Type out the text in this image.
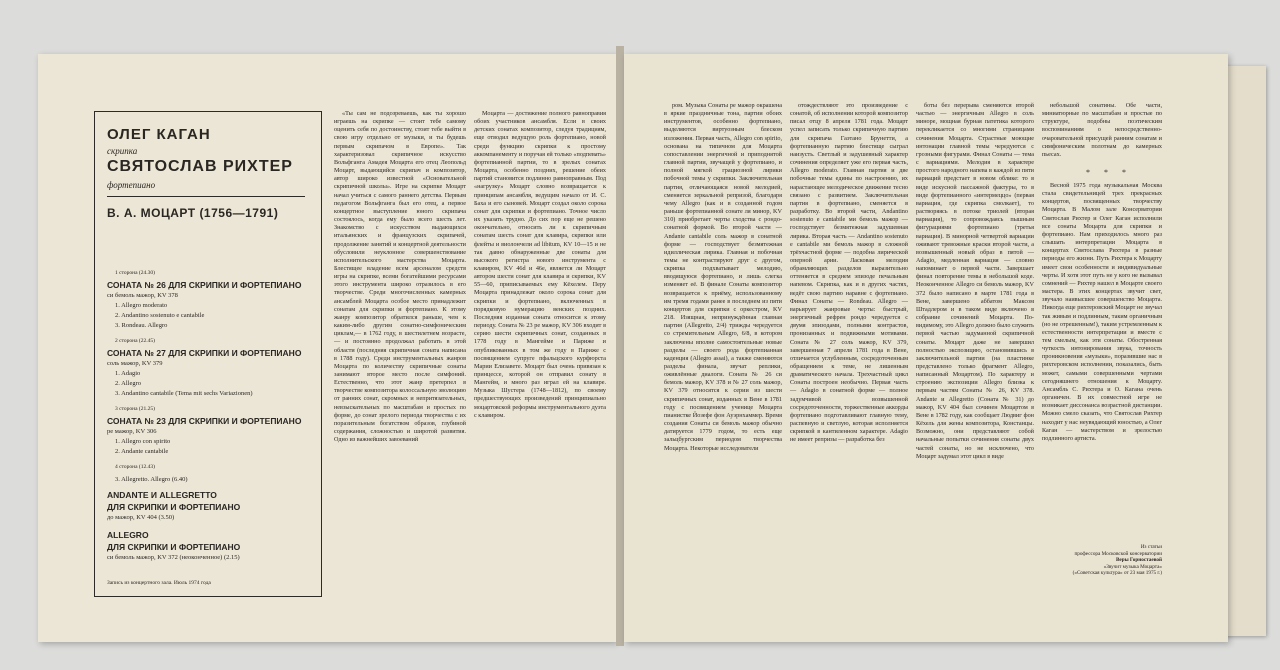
ОЛЕГ КАГАН
скрипка
СВЯТОСЛАВ РИХТЕР
фортепиано
В. А. МОЦАРТ (1756—1791)
1 сторона (24.30)
СОНАТА № 26 ДЛЯ СКРИПКИ И ФОРТЕПИАНО
си бемоль мажор, KV 378
1. Allegro moderato
2. Andantino sostenuto e cantabile
3. Rondeau. Allegro
2 сторона (22.45)
СОНАТА № 27 ДЛЯ СКРИПКИ И ФОРТЕПИАНО
соль мажор, KV 379
1. Adagio
2. Allegro
3. Andantino cantabile (Tema mit sechs Variazionen)
3 сторона (21.25)
СОНАТА № 23 ДЛЯ СКРИПКИ И ФОРТЕПИАНО
ре мажор, KV 306
1. Allegro con spirito
2. Andante cantabile
4 сторона (12.43)
3. Allegretto. Allegro (6.40)
ANDANTE И ALLEGRETTO
ДЛЯ СКРИПКИ И ФОРТЕПИАНО
до мажор, KV 404 (3.50)
ALLEGRO
ДЛЯ СКРИПКИ И ФОРТЕПИАНО
си бемоль мажор, KV 372 (неоконченное) (2.15)
Запись из концертного зала. Июль 1974 года

«Ты сам не подозреваешь, как ты хорошо играешь на скрипке — стоит тебе самому оценить себя по достоинству, стоит тебе выйти в свою игру отдельно от музыки, и ты будешь первым скрипачом в Европе». Так характеризовал скрипичное искусство Вольфганга Амадея Моцарта его отец Леопольд Моцарт, выдающийся скрипач и композитор, автор широко известной «Основательной скрипичной школы». Игре на скрипке Моцарт начал учиться с самого раннего детства. Первым педагогом Вольфганга был его отец, а первое концертное выступление юного скрипача состоялось, когда ему было всего шесть лет. Знакомство с искусством выдающихся итальянских и французских скрипачей, продолжение занятий и концертной деятельности обусловили неуклонное совершенствование исполнительского мастерства Моцарта. Блестящее владение всем арсеналом средств игры на скрипке, всеми богатейшими ресурсами этого инструмента широко отразилось в его творчестве. Среди многочисленных камерных ансамблей Моцарта особое место принадлежит сонатам для скрипки и фортепиано. К этому жанру композитор обратился раньше, чем к каким-либо другим сонатно-симфоническим циклам,— в 1762 году, в шестилетнем возрасте, — и постоянно продолжал работать в этой области (последняя скрипичная соната написана в 1788 году). Среди инструментальных жанров Моцарта по количеству скрипичные сонаты занимают второе место после симфоний. Естественно, что этот жанр претерпел в творчестве композитора колоссальную эволюцию от ранних сонат, скромных и непритязательных, невзыскательных по масштабам и простых по форме, до сонат зрелого периода творчества с их поразительным богатством образов, глубиной содержания, сложностью и широтой развития. Одно из важнейших завоеваний

Моцарта — достижение полного равноправия обоих участников ансамбля. Если в своих детских сонатах композитор, следуя традициям, еще отводил ведущую роль фортепиано, новой среди функцию скрипки к простому аккомпанементу и поручая ей только «подпевать» фортепианной партии, то в зрелых сонатах Моцарта, особенно поздних, решение обеих партий становится подлинно равноправным. Под «нагрузку» Моцарт словно возвращается к принципам ансамбля, ведущим начало от И. С. Баха и его сыновей. Моцарт создал около сорока сонат для скрипки и фортепиано. Точное число их указать трудно. До сих пор еще не решено окончательно, относить ли к скрипичным сонатам шесть сонат для клавира, скрипки или флейты и виолончели ad libitum, KV 10—15 и не так давно обнаруженные две сонаты для высокого регистра нового инструмента с клавиром, KV 46d и 46e, является ли Моцарт автором шести сонат для клавира и скрипки, KV 55—60, приписываемых ему Кёхелем. Перу Моцарта принадлежат около сорока сонат для скрипки и фортепиано, включенных в порядковую нумерацию венских поздних. Последняя изданная соната относится к этому периоду. Соната № 23 ре мажор, KV 306 входит в серию шести скрипичных сонат, созданных в 1778 году в Мангейме и Париже и опубликованных в том же году в Париже с посвящением супруге пфальцского курфюрста Марии Елизавете. Моцарт был очень привязан к принцессе, которой он отправил сонату в Мангейм, и много раз играл ей на клавире. Музыка Шустера (1748—1812), по своему предшествующих произведений принципиально моцартовской реформы инструментального дуэта с клавиром.

ром. Музыка Сонаты ре мажор окрашена в яркие праздничные тона, партии обоих инструментов, особенно фортепиано, выделяются виртуозным блеском изложения. Первая часть, Allegro con spirito, основана на типичном для Моцарта сопоставлении энергичной и приподнятой главной партии, звучащей у фортепиано, и полной мягкой грациозной лирики побочной темы у скрипки. Заключительная партия, отличающаяся новой мелодией, сменяется зеркальной репризой, благодаря чему Allegro (как и в созданной годом раньше фортепианной сонате ля минор, KV 310) приобретает черты сходства с рондо-сонатной формой. Во второй части — Andante cantabile соль мажор в сонатной форме — господствует безмятежная идиллическая лирика. Главная и побочная темы не контрастируют друг с другом, скрипка подхватывает мелодию, вводящуюся фортепиано, и лишь слегка изменяет её. В финале Сонаты композитор возвращается к приёму, использованному им тремя годами ранее в последнем из пяти концертов для скрипки с оркестром, KV 218. Изящная, непринуждённая главная партия (Allegretto, 2/4) трижды чередуется со стремительным Allegro, 6/8, в котором заключены вполне самостоятельные новые разделы — своего рода фортепианная каденция (Allegro assai), а также сменяются разделы финала, звучат реплики, оживлённые диалоги. Соната № 26 си бемоль мажор, KV 378 и № 27 соль мажор, KV 379 относятся к серии из шести скрипичных сонат, изданных в Вене в 1781 году с посвящением ученице Моцарта пианистке Йозефе фон Ауэрнхаммер. Время создания Сонаты си бемоль мажор обычно датируется 1779 годом, то есть еще зальцбургским периодом творчества Моцарта. Некоторые исследователи

отождествляют это произведение с сонатой, об исполнении которой композитор писал отцу 8 апреля 1781 года. Моцарт успел записать только скрипичную партию для скрипача Гаэтано Брунетти, а фортепианную партию блестяще сыграл наизусть. Светлый и задушевный характер сочинения определяет уже его первая часть, Allegro moderato. Главная партия и две побочные темы едины по настроению, их нарастающее мелодическое движение тесно связано с развитием. Заключительная партия в фортепиано, сменяется в разработку. Во второй части, Andantino sostenuto e cantabile ми бемоль мажор — господствует безмятежная задушевная лирика. Вторая часть — Andantino sostenuto e cantabile ми бемоль мажор в сложной трёхчастной форме — подобна лирической оперной арии. Ласковая мелодия обрамляющих разделов выразительно оттеняется в среднем эпизоде печальным напевом. Скрипка, как и в других частях, ведёт свою партию наравне с фортепиано. Финал Сонаты — Rondeau. Allegro — варьирует жанровые черты: быстрый, энергичный рефрен рондо чередуется с двумя эпизодами, полными контрастов, пронизанных и подвижными мотивами. Соната № 27 соль мажор, KV 379, завершенная 7 апреля 1781 года в Вене, отличается углубленным, сосредоточенным обращением к теме, не лишенным драматического начала. Трехчастный цикл Сонаты построен необычно. Первая часть — Adagio в сонатной форме — полное задумчивой возвышенной сосредоточенности, торжественные аккорды фортепиано подготавливают главную тему, распевную и светлую, которая исполняется скрипкой в кантиленном характере. Adagio не имеет репризы — разработка без

боты без перерыва сменяются второй частью — энергичным Allegro в соль миноре, мощная бурная патетика которого перекликается со многими страницами сочинения Моцарта. Страстные моющие интонации главной темы чередуются с грозными фигурами. Финал Сонаты — тема с вариациями. Мелодия в характере простого народного напева в каждой из пяти вариаций предстает в новом облике: то в виде искусной пассажной фактуры, то в виде фортепианного «интермеццо» (первая вариация, где скрипка смолкает), то растворяясь в потоке триолей (вторая вариация), то сопровождаясь пышным фигурациями фортепиано (третья вариация). В минорной четвертой вариации оживают тревожные краски второй части, а возвышенный новый образ в пятой — Adagio, медленная вариация — словно напоминает о первой части. Завершает финал повторение темы в небольшой коде. Неоконченное Allegro си бемоль мажор, KV 372 было написано в марте 1781 года в Вене, завершено аббатом Максом Штадлером и в таком виде включено в собрание сочинений Моцарта. По-видимому, это Allegro должно было служить первой частью задуманной скрипичной сонаты. Моцарт даже не завершил полностью экспозицию, остановившись в заключительной партии (на пластинке представлено только фрагмент Allegro, написанный Моцартом). По характеру и строению экспозиции Allegro близка к первым частям Сонаты № 26, KV 378. Andante и Allegretto (Соната № 31) до мажор, KV 404 был сочинен Моцартом в Вене в 1782 году, как сообщает Людвиг фон Кёхель для жены композитора, Констанцы. Возможно, они представляют собой начальные попытки сочинения сонаты двух частей сонаты, но не исключено, что Моцарт задумал этот цикл в виде

небольшой сонатины. Обе части, миниатюрные по масштабам и простые по структуре, подобны поэтическим воспоминаниям о непосредственно-очаровательной присущей ранним сонатам и симфоническим полотнам до камерных пьесах.

* * *

Весной 1975 года музыкальная Москва стала свидетельницей трех прекрасных концертов, посвященных творчеству Моцарта. В Малом зале Консерватории Святослав Рихтер и Олег Каган исполнили все сонаты Моцарта для скрипки и фортепиано. Нам приходилось много раз слышать интерпретации Моцарта в концертах Святослава Рихтера в разные периоды его жизни. Путь Рихтера к Моцарту имеет свои особенности и индивидуальные черты. И хотя этот путь не у кого не вызывал сомнений — Рихтер нашел в Моцарте своего мастера. В этих концертах звучит свет, звучало наивысшее совершенство Моцарта. Никогда еще рихтеровский Моцарт не звучал так живым и подлинным, таким органичным (но не отрешенным!), таким устремленным к естественности интерпретации и вместе с тем смелым, как эти сонаты. Обостренная чуткость интонирования звука, точность проникновения «музыки», поразившие нас в рихтеровском исполнении, показались, быть может, самыми совершенными чертами сегодняшнего отношения к Моцарту. Ансамбль С. Рихтера и О. Кагана очень органичен. В их совместной игре не возникает диссонанса возрастной дистанции. Можно смело сказать, что Святослав Рихтер находит у нас неувядающий юностью, а Олег Каган — мастерством и зрелостью подлинного артиста.

Из статьи
профессора Московской консерватории
Веры Горностаевой
«Звучит музыка Моцарта»
(«Советская культура» от 23 мая 1975 г.)
